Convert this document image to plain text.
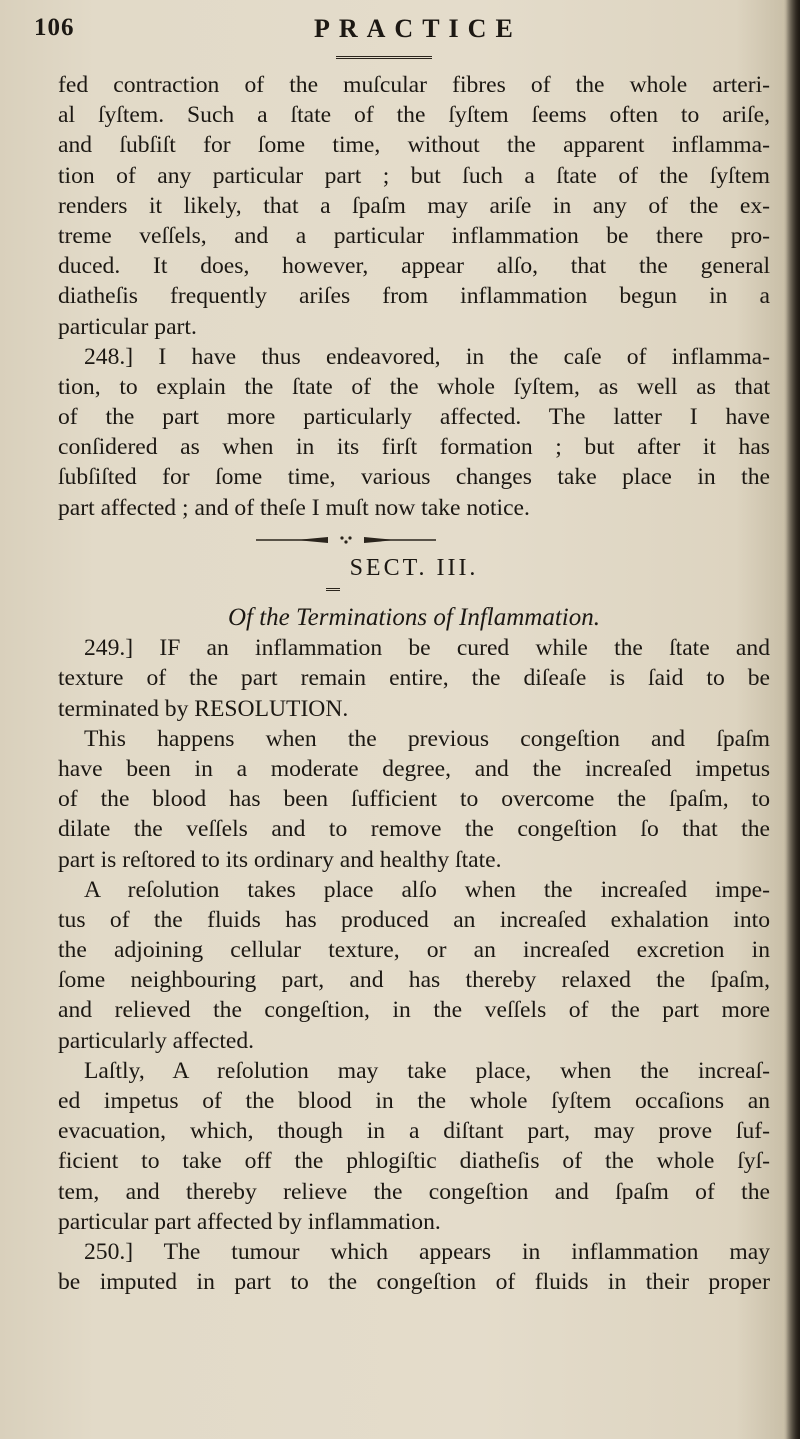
106	PRACTICE
fed contraction of the muſcular fibres of the whole arteri-
al ſyſtem. Such a ſtate of the ſyſtem ſeems often to ariſe,
and ſubſiſt for ſome time, without the apparent inflamma-
tion of any particular part ; but ſuch a ſtate of the ſyſtem
renders it likely, that a ſpaſm may ariſe in any of the ex-
treme veſſels, and a particular inflammation be there pro-
duced. It does, however, appear alſo, that the general
diatheſis frequently ariſes from inflammation begun in a
particular part.
248.] I have thus endeavored, in the caſe of inflamma-
tion, to explain the ſtate of the whole ſyſtem, as well as that
of the part more particularly affected. The latter I have
conſidered as when in its firſt formation ; but after it has
ſubſiſted for ſome time, various changes take place in the
part affected ; and of theſe I muſt now take notice.
SECT. III.
Of the Terminations of Inflammation.
249.] IF an inflammation be cured while the ſtate and
texture of the part remain entire, the diſeaſe is ſaid to be
terminated by RESOLUTION.
This happens when the previous congeſtion and ſpaſm
have been in a moderate degree, and the increaſed impetus
of the blood has been ſufficient to overcome the ſpaſm, to
dilate the veſſels and to remove the congeſtion ſo that the
part is reſtored to its ordinary and healthy ſtate.
A reſolution takes place alſo when the increaſed impe-
tus of the fluids has produced an increaſed exhalation into
the adjoining cellular texture, or an increaſed excretion in
ſome neighbouring part, and has thereby relaxed the ſpaſm,
and relieved the congeſtion, in the veſſels of the part more
particularly affected.
Laſtly, A reſolution may take place, when the increaſ-
ed impetus of the blood in the whole ſyſtem occaſions an
evacuation, which, though in a diſtant part, may prove ſuf-
ficient to take off the phlogiſtic diatheſis of the whole ſyſ-
tem, and thereby relieve the congeſtion and ſpaſm of the
particular part affected by inflammation.
250.] The tumour which appears in inflammation may
be imputed in part to the congeſtion of fluids in their proper
